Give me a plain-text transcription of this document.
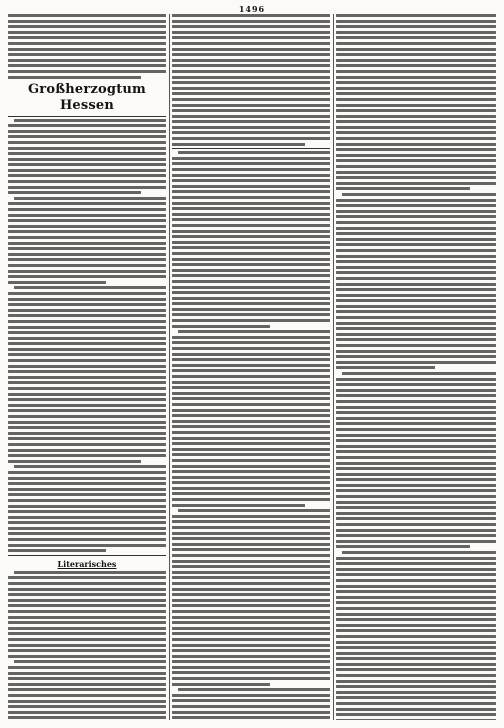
1496
Großherzogtum Hessen
Literarisches
